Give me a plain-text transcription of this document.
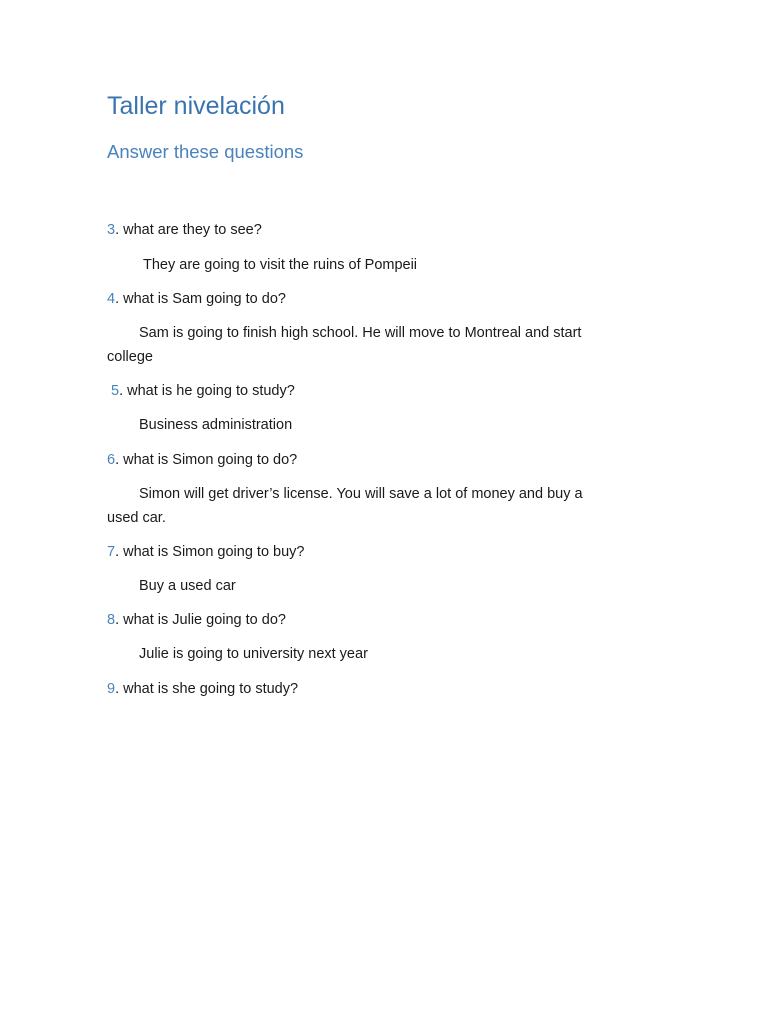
Taller nivelación
Answer these questions

3. what are they to see?

They are going to visit the ruins of Pompeii

4. what is Sam going to do?

Sam is going to finish high school. He will move to Montreal and start

college

5. what is he going to study?

Business administration

6. what is Simon going to do?

Simon will get driver’s license. You will save a lot of money and buy a

used car.

7. what is Simon going to buy?

Buy a used car

8. what is Julie going to do?

Julie is going to university next year

9. what is she going to study?
